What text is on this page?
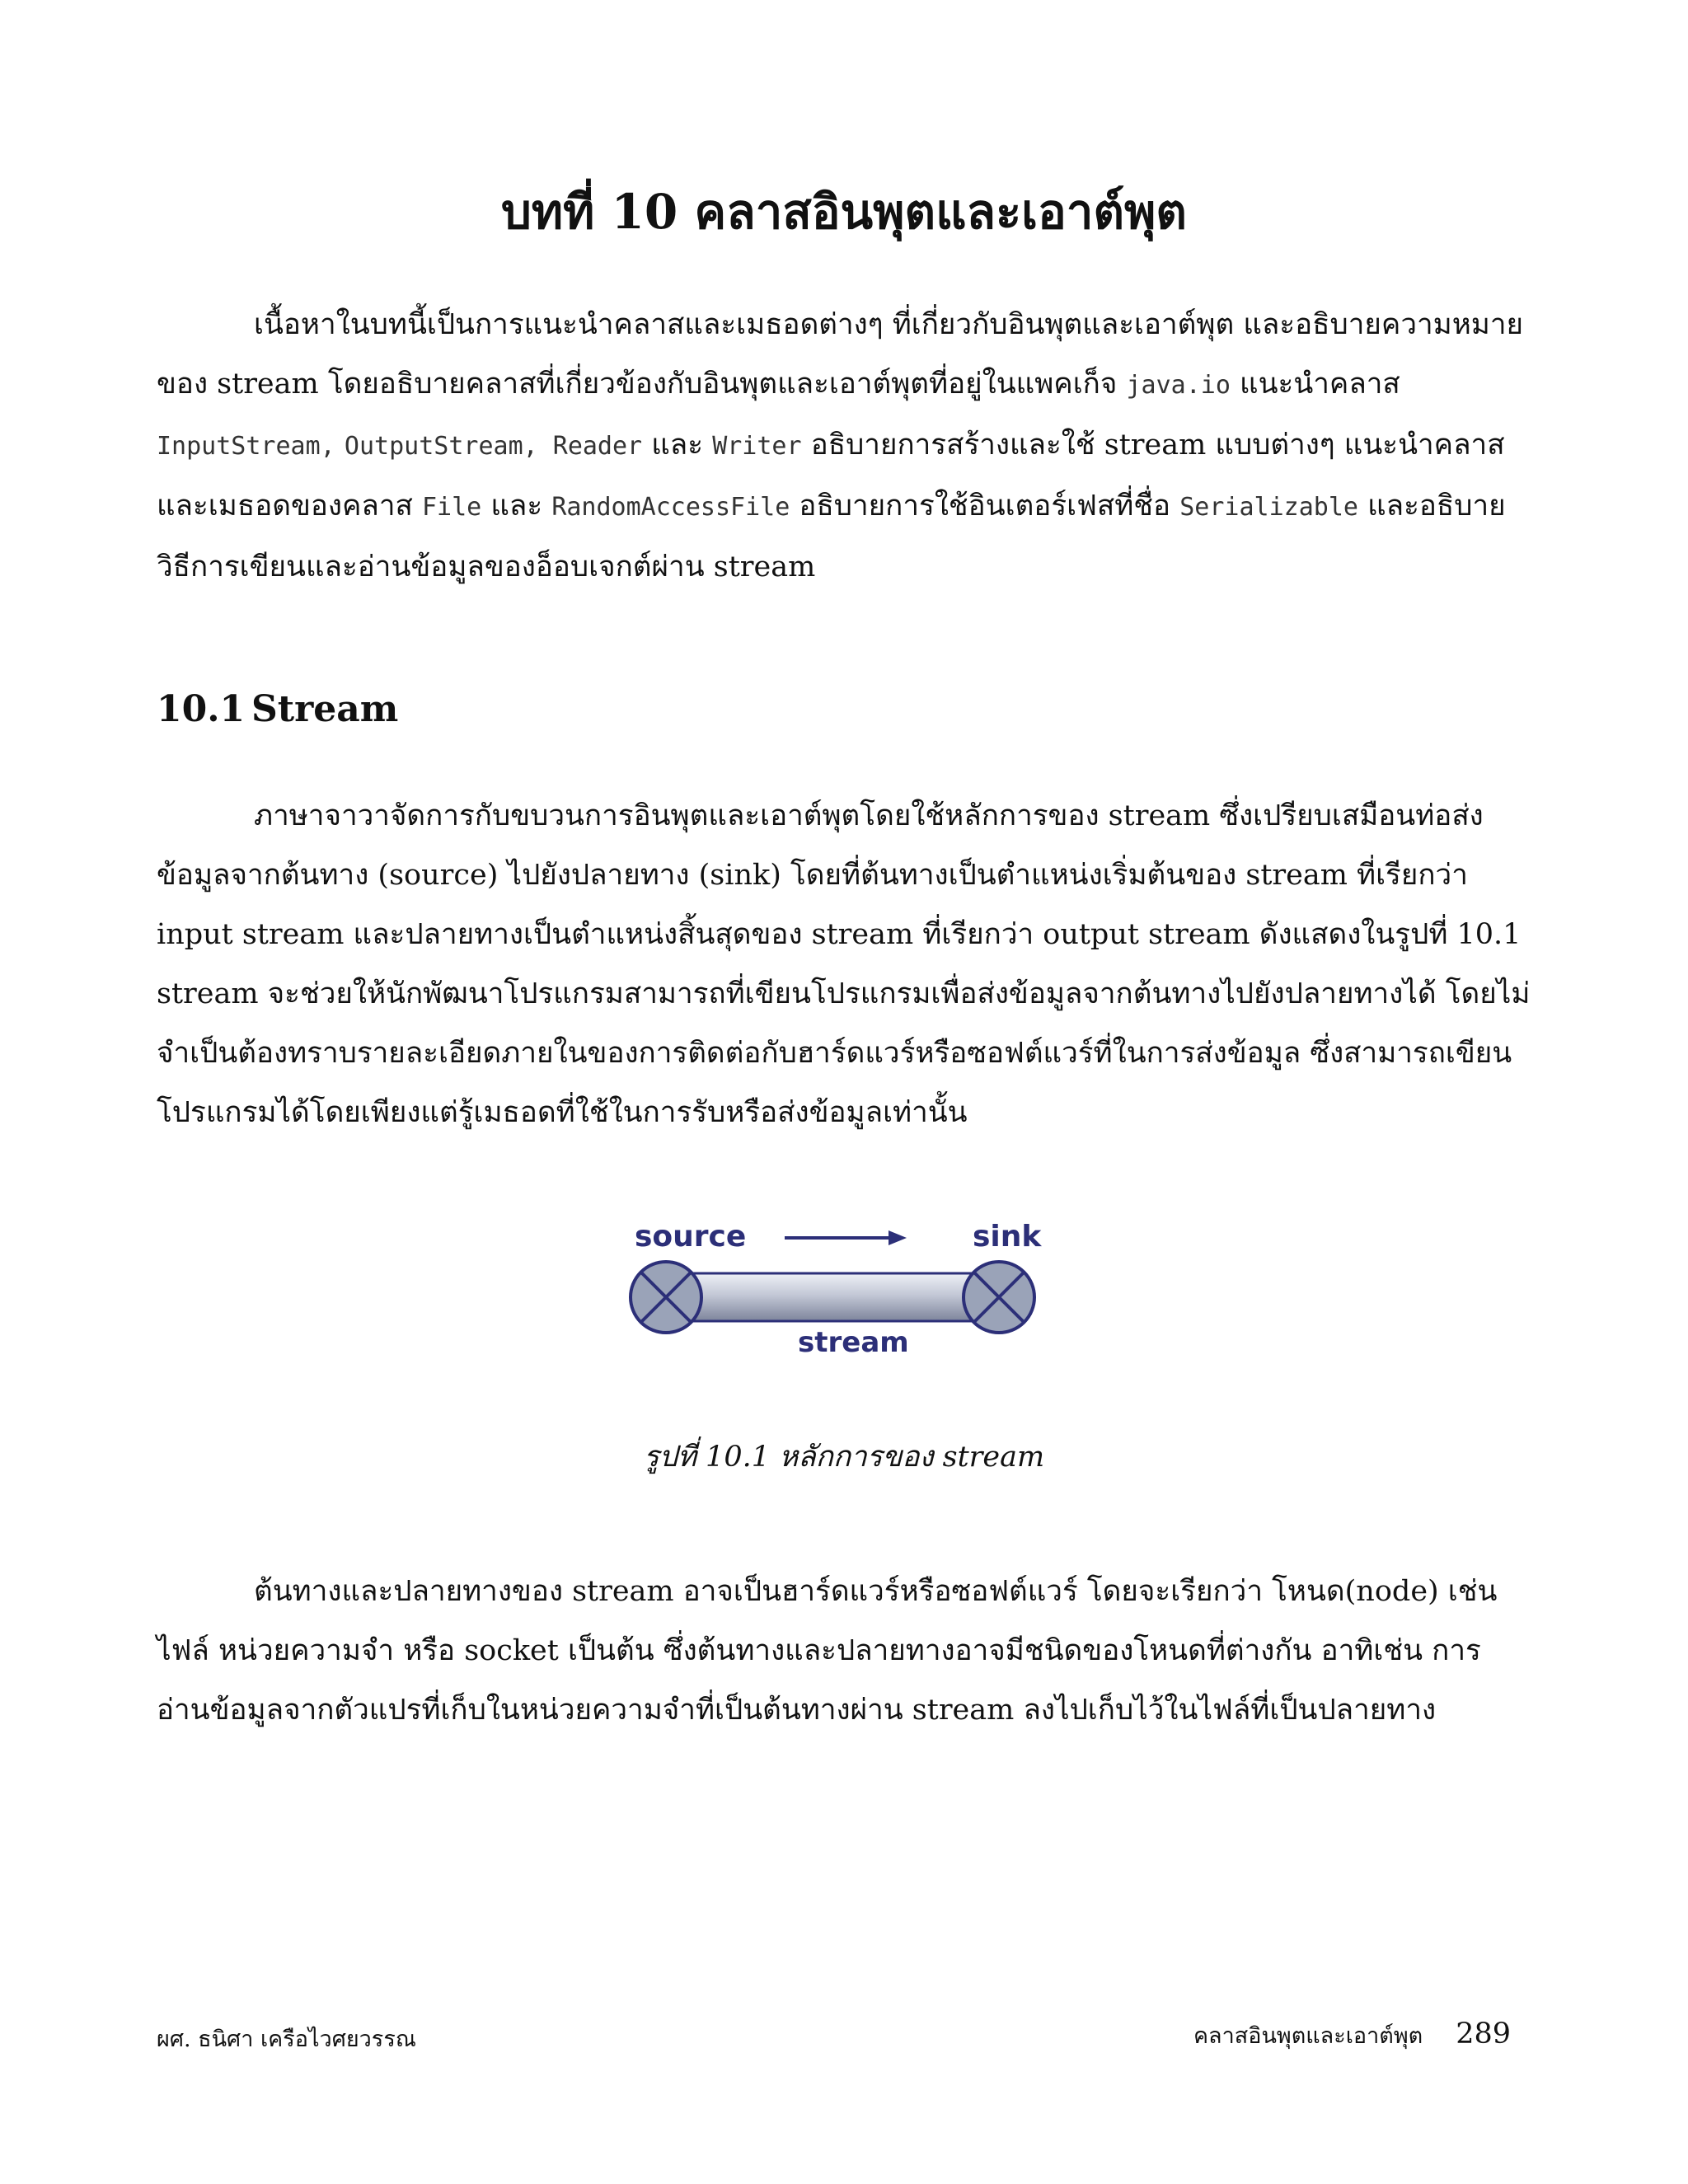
บทที่ 10 คลาสอินพุตและเอาต์พุต

เนื้อหาในบทนี้เป็นการแนะนำคลาสและเมธอดต่างๆ ที่เกี่ยวกับอินพุตและเอาต์พุต และอธิบายความหมายของ stream โดยอธิบายคลาสที่เกี่ยวข้องกับอินพุตและเอาต์พุตที่อยู่ในแพคเก็จ java.io แนะนำคลาส InputStream, OutputStream, Reader และ Writer อธิบายการสร้างและใช้ stream แบบต่างๆ แนะนำคลาสและเมธอดของคลาส File และ RandomAccessFile อธิบายการใช้อินเตอร์เฟสที่ชื่อ Serializable และอธิบายวิธีการเขียนและอ่านข้อมูลของอ็อบเจกต์ผ่าน stream

10.1 Stream

ภาษาจาวาจัดการกับขบวนการอินพุตและเอาต์พุตโดยใช้หลักการของ stream ซึ่งเปรียบเสมือนท่อส่งข้อมูลจากต้นทาง (source) ไปยังปลายทาง (sink) โดยที่ต้นทางเป็นตำแหน่งเริ่มต้นของ stream ที่เรียกว่า input stream และปลายทางเป็นตำแหน่งสิ้นสุดของ stream ที่เรียกว่า output stream ดังแสดงในรูปที่ 10.1 stream จะช่วยให้นักพัฒนาโปรแกรมสามารถที่เขียนโปรแกรมเพื่อส่งข้อมูลจากต้นทางไปยังปลายทางได้ โดยไม่จำเป็นต้องทราบรายละเอียดภายในของการติดต่อกับฮาร์ดแวร์หรือซอฟต์แวร์ที่ในการส่งข้อมูล ซึ่งสามารถเขียนโปรแกรมได้โดยเพียงแต่รู้เมธอดที่ใช้ในการรับหรือส่งข้อมูลเท่านั้น

source	sink
stream

รูปที่ 10.1 หลักการของ stream

ต้นทางและปลายทางของ stream อาจเป็นฮาร์ดแวร์หรือซอฟต์แวร์ โดยจะเรียกว่า โหนด(node) เช่น ไฟล์ หน่วยความจำ หรือ socket เป็นต้น ซึ่งต้นทางและปลายทางอาจมีชนิดของโหนดที่ต่างกัน อาทิเช่น การอ่านข้อมูลจากตัวแปรที่เก็บในหน่วยความจำที่เป็นต้นทางผ่าน stream ลงไปเก็บไว้ในไฟล์ที่เป็นปลายทาง

ผศ. ธนิศา เครือไวศยวรรณ	คลาสอินพุตและเอาต์พุต 289
